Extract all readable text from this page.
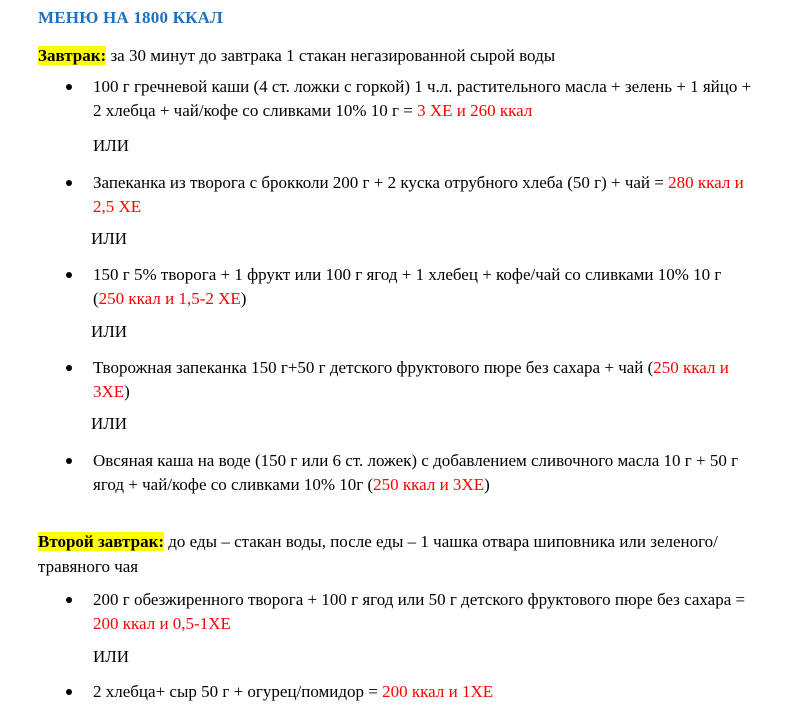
МЕНЮ НА 1800 ККАЛ
Завтрак: за 30 минут до завтрака 1 стакан негазированной сырой воды
100 г гречневой каши (4 ст. ложки с горкой) 1 ч.л. растительного масла + зелень + 1 яйцо + 2 хлебца + чай/кофе со сливками 10% 10 г = 3 ХЕ и 260 ккал
ИЛИ
Запеканка из творога с брокколи 200 г + 2 куска отрубного хлеба (50 г) + чай = 280 ккал и 2,5 ХЕ
ИЛИ
150 г 5% творога + 1 фрукт или 100 г ягод + 1 хлебец + кофе/чай со сливками 10% 10 г (250 ккал и 1,5-2 ХЕ)
ИЛИ
Творожная запеканка 150 г+50 г детского фруктового пюре без сахара + чай (250 ккал и 3ХЕ)
ИЛИ
Овсяная каша на воде (150 г или 6 ст. ложек) с добавлением сливочного масла 10 г + 50 г ягод + чай/кофе со сливками 10% 10г (250 ккал и 3ХЕ)
Второй завтрак: до еды – стакан воды, после еды – 1 чашка отвара шиповника или зеленого/травяного чая
200 г обезжиренного творога + 100 г ягод или 50 г детского фруктового пюре без сахара = 200 ккал и 0,5-1ХЕ
ИЛИ
2 хлебца+ сыр 50 г + огурец/помидор = 200 ккал и 1ХЕ
